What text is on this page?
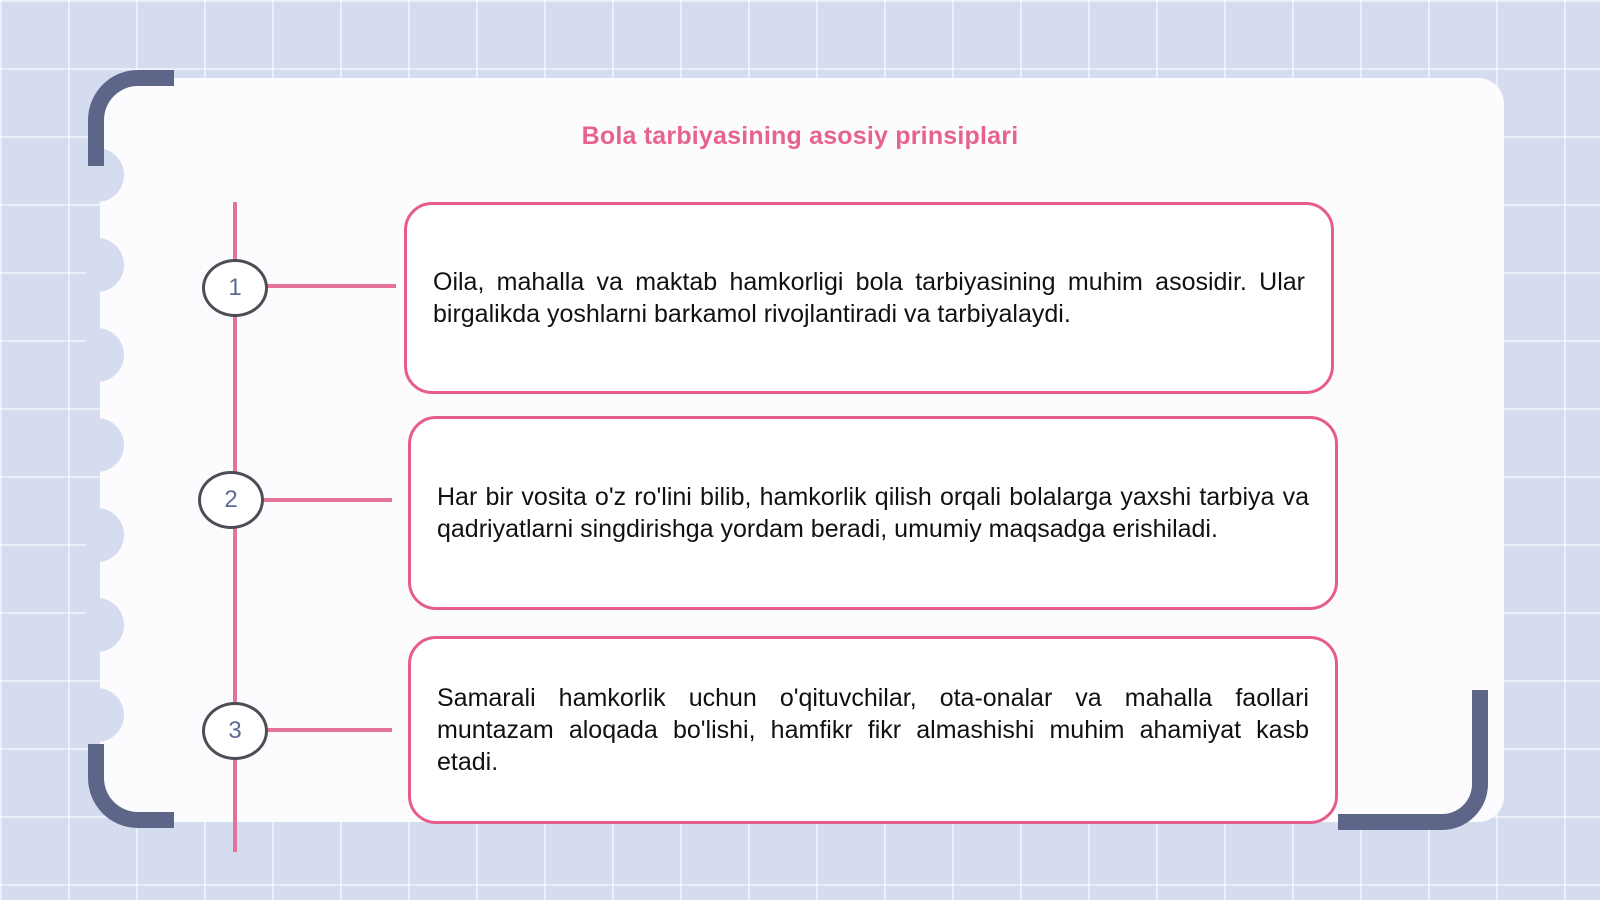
Bola tarbiyasining asosiy prinsiplari
1	Oila, mahalla va maktab hamkorligi bola tarbiyasining muhim asosidir. Ular birgalikda yoshlarni barkamol rivojlantiradi va tarbiyalaydi.

2	Har bir vosita o'z ro'lini bilib, hamkorlik qilish orqali bolalarga yaxshi tarbiya va qadriyatlarni singdirishga yordam beradi, umumiy maqsadga erishiladi.

3

Samarali hamkorlik uchun o'qituvchilar, ota-onalar va mahalla faollari muntazam aloqada bo'lishi, hamfikr fikr almashishi muhim ahamiyat kasb etadi.
